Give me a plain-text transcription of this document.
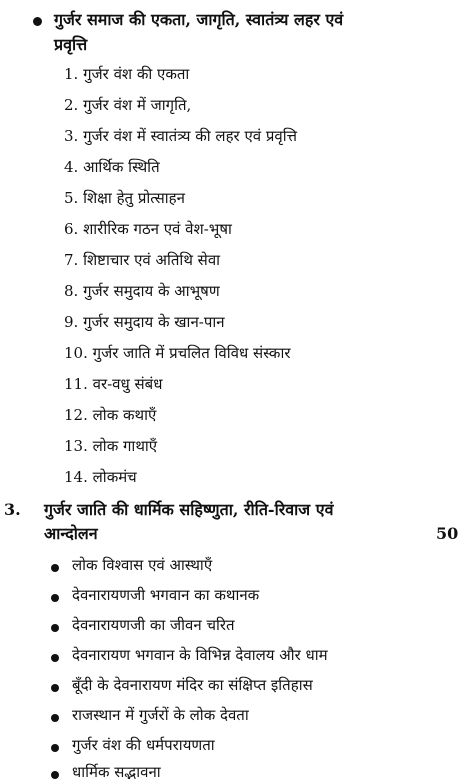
गुर्जर समाज की एकता, जागृति, स्वातंत्र्य लहर एवं
प्रवृत्ति
1. गुर्जर वंश की एकता
2. गुर्जर वंश में जागृति,
3. गुर्जर वंश में स्वातंत्र्य की लहर एवं प्रवृत्ति
4. आर्थिक स्थिति
5. शिक्षा हेतु प्रोत्साहन
6. शारीरिक गठन एवं वेश-भूषा
7. शिष्टाचार एवं अतिथि सेवा
8. गुर्जर समुदाय के आभूषण
9. गुर्जर समुदाय के खान-पान
10. गुर्जर जाति में प्रचलित विविध संस्कार
11. वर-वधु संबंध
12. लोक कथाएँ
13. लोक गाथाएँ
14. लोकमंच
3. गुर्जर जाति की धार्मिक सहिष्णुता, रीति-रिवाज एवं
आन्दोलन	50
लोक विश्वास एवं आस्थाएँ
देवनारायणजी भगवान का कथानक
देवनारायणजी का जीवन चरित
देवनारायण भगवान के विभिन्न देवालय और धाम
बूँदी के देवनारायण मंदिर का संक्षिप्त इतिहास
राजस्थान में गुर्जरों के लोक देवता
गुर्जर वंश की धर्मपरायणता
धार्मिक सद्भावना
